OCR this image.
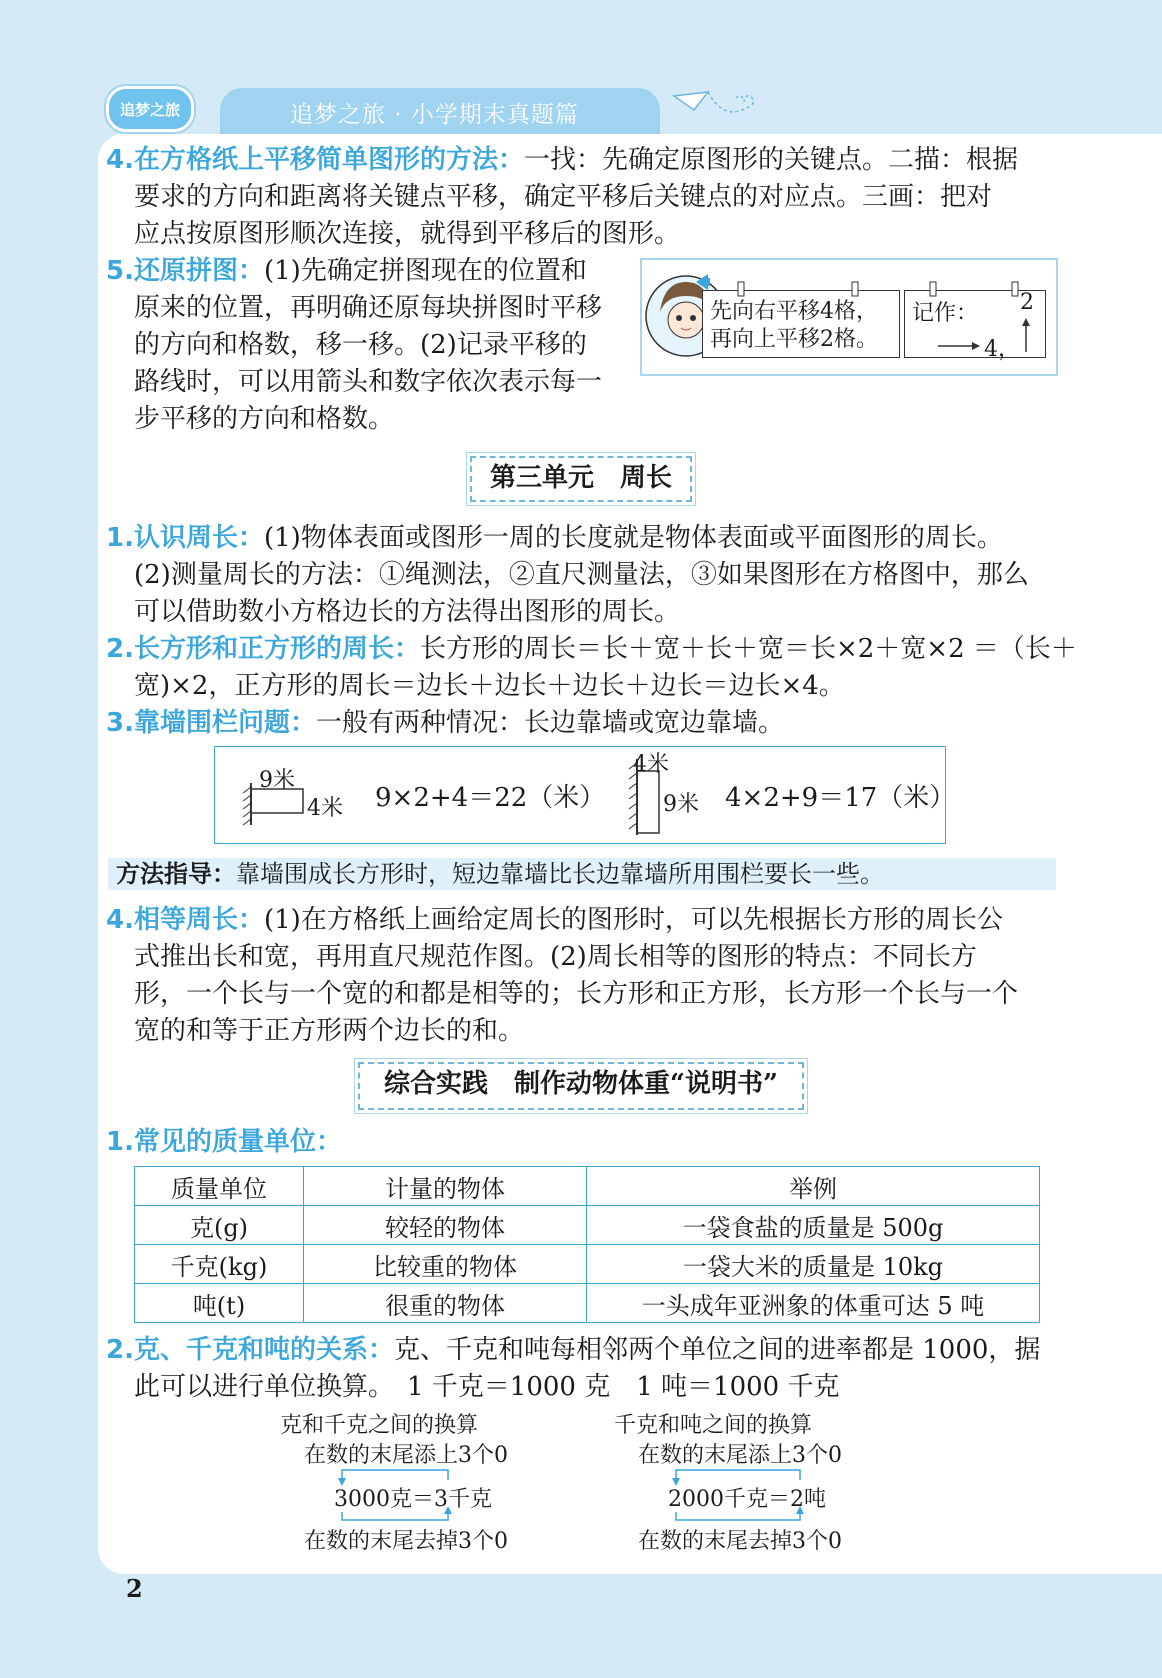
追梦之旅	追梦之旅 · 小学期末真题篇

4.在方格纸上平移简单图形的方法：一找：先确定原图形的关键点。二描：根据

要求的方向和距离将关键点平移，确定平移后关键点的对应点。三画：把对

应点按原图形顺次连接，就得到平移后的图形。

5.还原拼图：(1)先确定拼图现在的位置和

原来的位置，再明确还原每块拼图时平移

的方向和格数，移一移。(2)记录平移的

路线时，可以用箭头和数字依次表示每一

步平移的方向和格数。

先向右平移4格，
再向上平移2格。
记作：
4，
2
第三单元　周长

1.认识周长：(1)物体表面或图形一周的长度就是物体表面或平面图形的周长。

(2)测量周长的方法：①绳测法，②直尺测量法，③如果图形在方格图中，那么

可以借助数小方格边长的方法得出图形的周长。

2.长方形和正方形的周长：长方形的周长＝长＋宽＋长＋宽＝长×2＋宽×2 ＝（长＋

宽)×2，正方形的周长＝边长＋边长＋边长＋边长＝边长×4。

3.靠墙围栏问题：一般有两种情况：长边靠墙或宽边靠墙。

9米
4米 9×2+4＝22（米）
4米
9米 4×2+9＝17（米）
方法指导：靠墙围成长方形时，短边靠墙比长边靠墙所用围栏要长一些。

4.相等周长：(1)在方格纸上画给定周长的图形时，可以先根据长方形的周长公

式推出长和宽，再用直尺规范作图。(2)周长相等的图形的特点：不同长方

形，一个长与一个宽的和都是相等的；长方形和正方形，长方形一个长与一个

宽的和等于正方形两个边长的和。

综合实践　制作动物体重“说明书”

1.常见的质量单位：

质量单位	计量的物体	举例
克(g)	较轻的物体	一袋食盐的质量是 500g
千克(kg)	比较重的物体	一袋大米的质量是 10kg
吨(t)	很重的物体	一头成年亚洲象的体重可达 5 吨

2.克、千克和吨的关系：克、千克和吨每相邻两个单位之间的进率都是 1000，据

此可以进行单位换算。　1 千克＝1000 克　1 吨＝1000 千克

克和千克之间的换算
在数的末尾添上3个0
3000克＝3千克
在数的末尾去掉3个0
千克和吨之间的换算
在数的末尾添上3个0
2000千克＝2吨
在数的末尾去掉3个0
2
